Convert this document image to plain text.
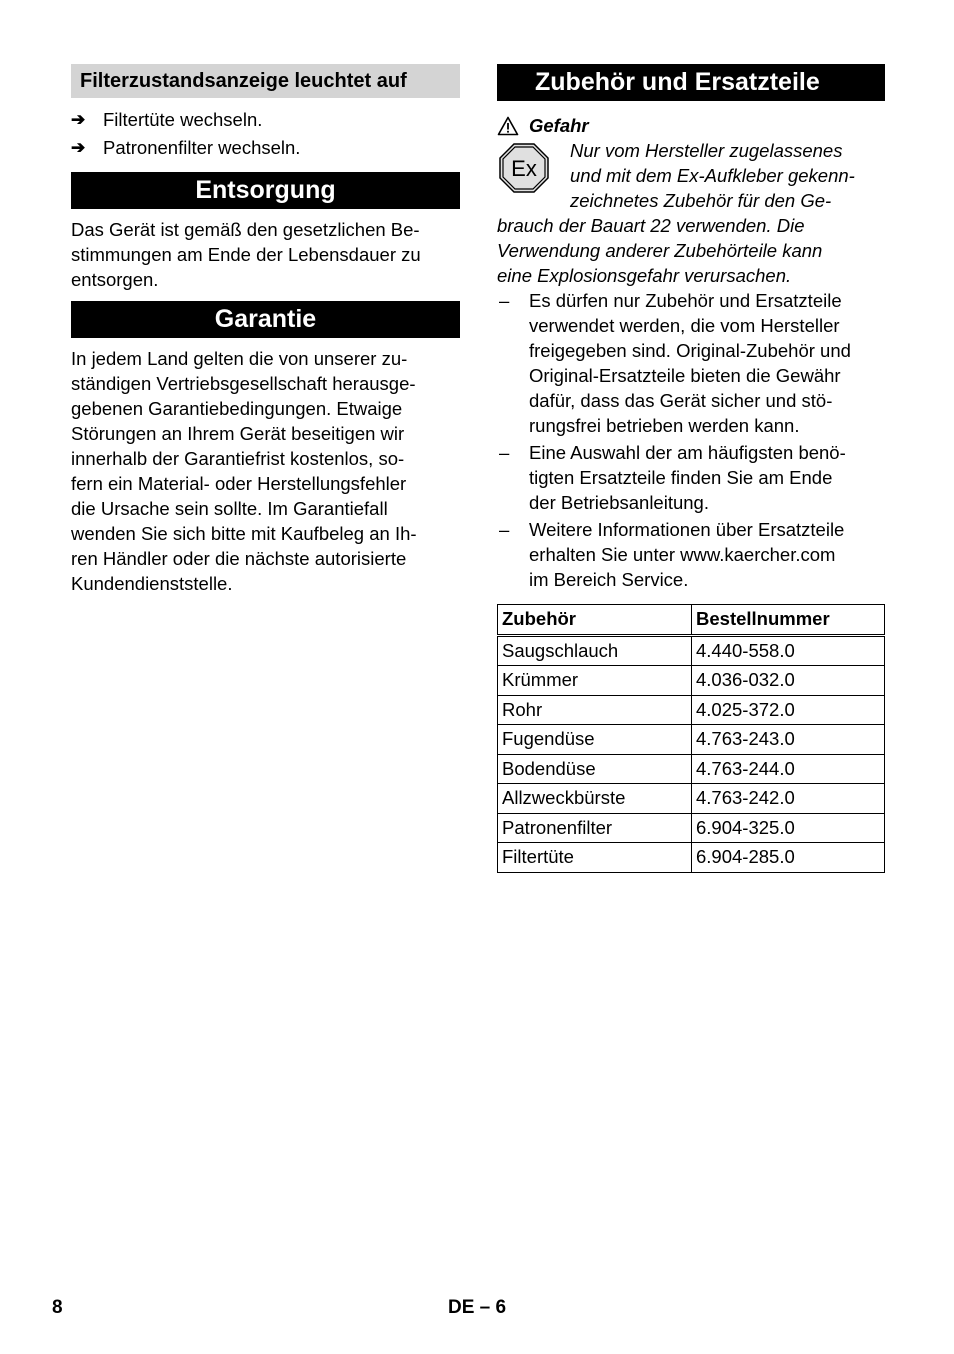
Filterzustandsanzeige leuchtet auf
➔ Filtertüte wechseln.
➔ Patronenfilter wechseln.
Entsorgung
Das Gerät ist gemäß den gesetzlichen Be-
stimmungen am Ende der Lebensdauer zu
entsorgen.
Garantie
In jedem Land gelten die von unserer zu-
ständigen Vertriebsgesellschaft herausge-
gebenen Garantiebedingungen. Etwaige
Störungen an Ihrem Gerät beseitigen wir
innerhalb der Garantiefrist kostenlos, so-
fern ein Material- oder Herstellungsfehler
die Ursache sein sollte. Im Garantiefall
wenden Sie sich bitte mit Kaufbeleg an Ih-
ren Händler oder die nächste autorisierte
Kundendienststelle.
Zubehör und Ersatzteile
Gefahr
Ex
Nur vom Hersteller zugelassenes
und mit dem Ex-Aufkleber gekenn-
zeichnetes Zubehör für den Ge-
brauch der Bauart 22 verwenden. Die
Verwendung anderer Zubehörteile kann
eine Explosionsgefahr verursachen.
–	Es dürfen nur Zubehör und Ersatzteile
verwendet werden, die vom Hersteller
freigegeben sind. Original-Zubehör und
Original-Ersatzteile bieten die Gewähr
dafür, dass das Gerät sicher und stö-
rungsfrei betrieben werden kann.
–	Eine Auswahl der am häufigsten benö-
tigten Ersatzteile finden Sie am Ende
der Betriebsanleitung.
–	Weitere Informationen über Ersatzteile
erhalten Sie unter www.kaercher.com
im Bereich Service.
Zubehör	Bestellnummer
Saugschlauch	4.440-558.0
Krümmer	4.036-032.0
Rohr	4.025-372.0
Fugendüse	4.763-243.0
Bodendüse	4.763-244.0
Allzweckbürste	4.763-242.0
Patronenfilter	6.904-325.0
Filtertüte	6.904-285.0
8	DE – 6
